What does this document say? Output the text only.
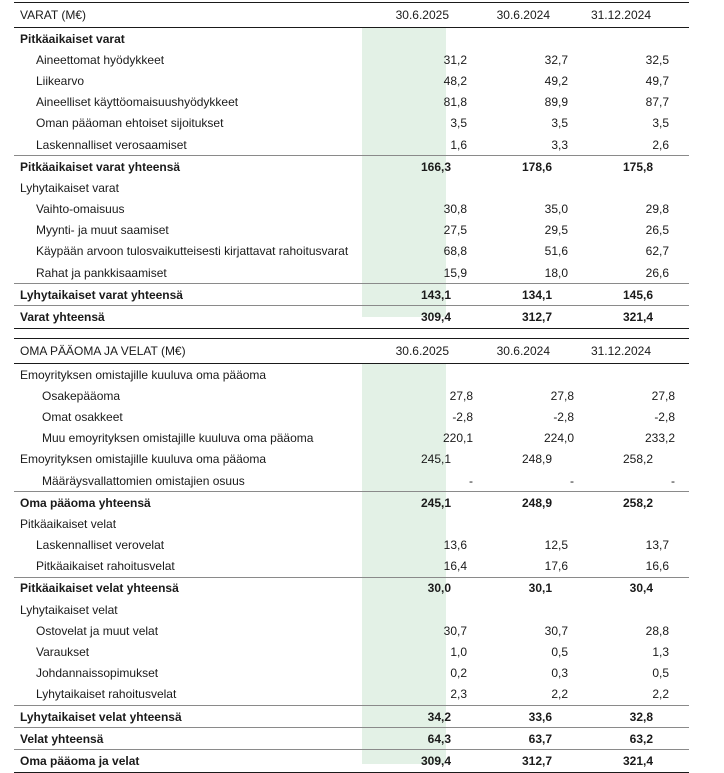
VARAT (M€)	30.6.2025	30.6.2024	31.12.2024
Pitkäaikaiset varat
Aineettomat hyödykkeet	31,2	32,7	32,5
Liikearvo	48,2	49,2	49,7
Aineelliset käyttöomaisuushyödykkeet	81,8	89,9	87,7
Oman pääoman ehtoiset sijoitukset	3,5	3,5	3,5
Laskennalliset verosaamiset	1,6	3,3	2,6
Pitkäaikaiset varat yhteensä	166,3	178,6	175,8
Lyhytaikaiset varat
Vaihto-omaisuus	30,8	35,0	29,8
Myynti- ja muut saamiset	27,5	29,5	26,5
Käypään arvoon tulosvaikutteisesti kirjattavat rahoitusvarat	68,8	51,6	62,7
Rahat ja pankkisaamiset	15,9	18,0	26,6
Lyhytaikaiset varat yhteensä	143,1	134,1	145,6
Varat yhteensä	309,4	312,7	321,4
OMA PÄÄOMA JA VELAT (M€)	30.6.2025	30.6.2024	31.12.2024
Emoyrityksen omistajille kuuluva oma pääoma
Osakepääoma	27,8	27,8	27,8
Omat osakkeet	-2,8	-2,8	-2,8
Muu emoyrityksen omistajille kuuluva oma pääoma	220,1	224,0	233,2
Emoyrityksen omistajille kuuluva oma pääoma	245,1	248,9	258,2
Määräysvallattomien omistajien osuus	-	-	-
Oma pääoma yhteensä	245,1	248,9	258,2
Pitkäaikaiset velat
Laskennalliset verovelat	13,6	12,5	13,7
Pitkäaikaiset rahoitusvelat	16,4	17,6	16,6
Pitkäaikaiset velat yhteensä	30,0	30,1	30,4
Lyhytaikaiset velat
Ostovelat ja muut velat	30,7	30,7	28,8
Varaukset	1,0	0,5	1,3
Johdannaissopimukset	0,2	0,3	0,5
Lyhytaikaiset rahoitusvelat	2,3	2,2	2,2
Lyhytaikaiset velat yhteensä	34,2	33,6	32,8
Velat yhteensä	64,3	63,7	63,2
Oma pääoma ja velat	309,4	312,7	321,4
